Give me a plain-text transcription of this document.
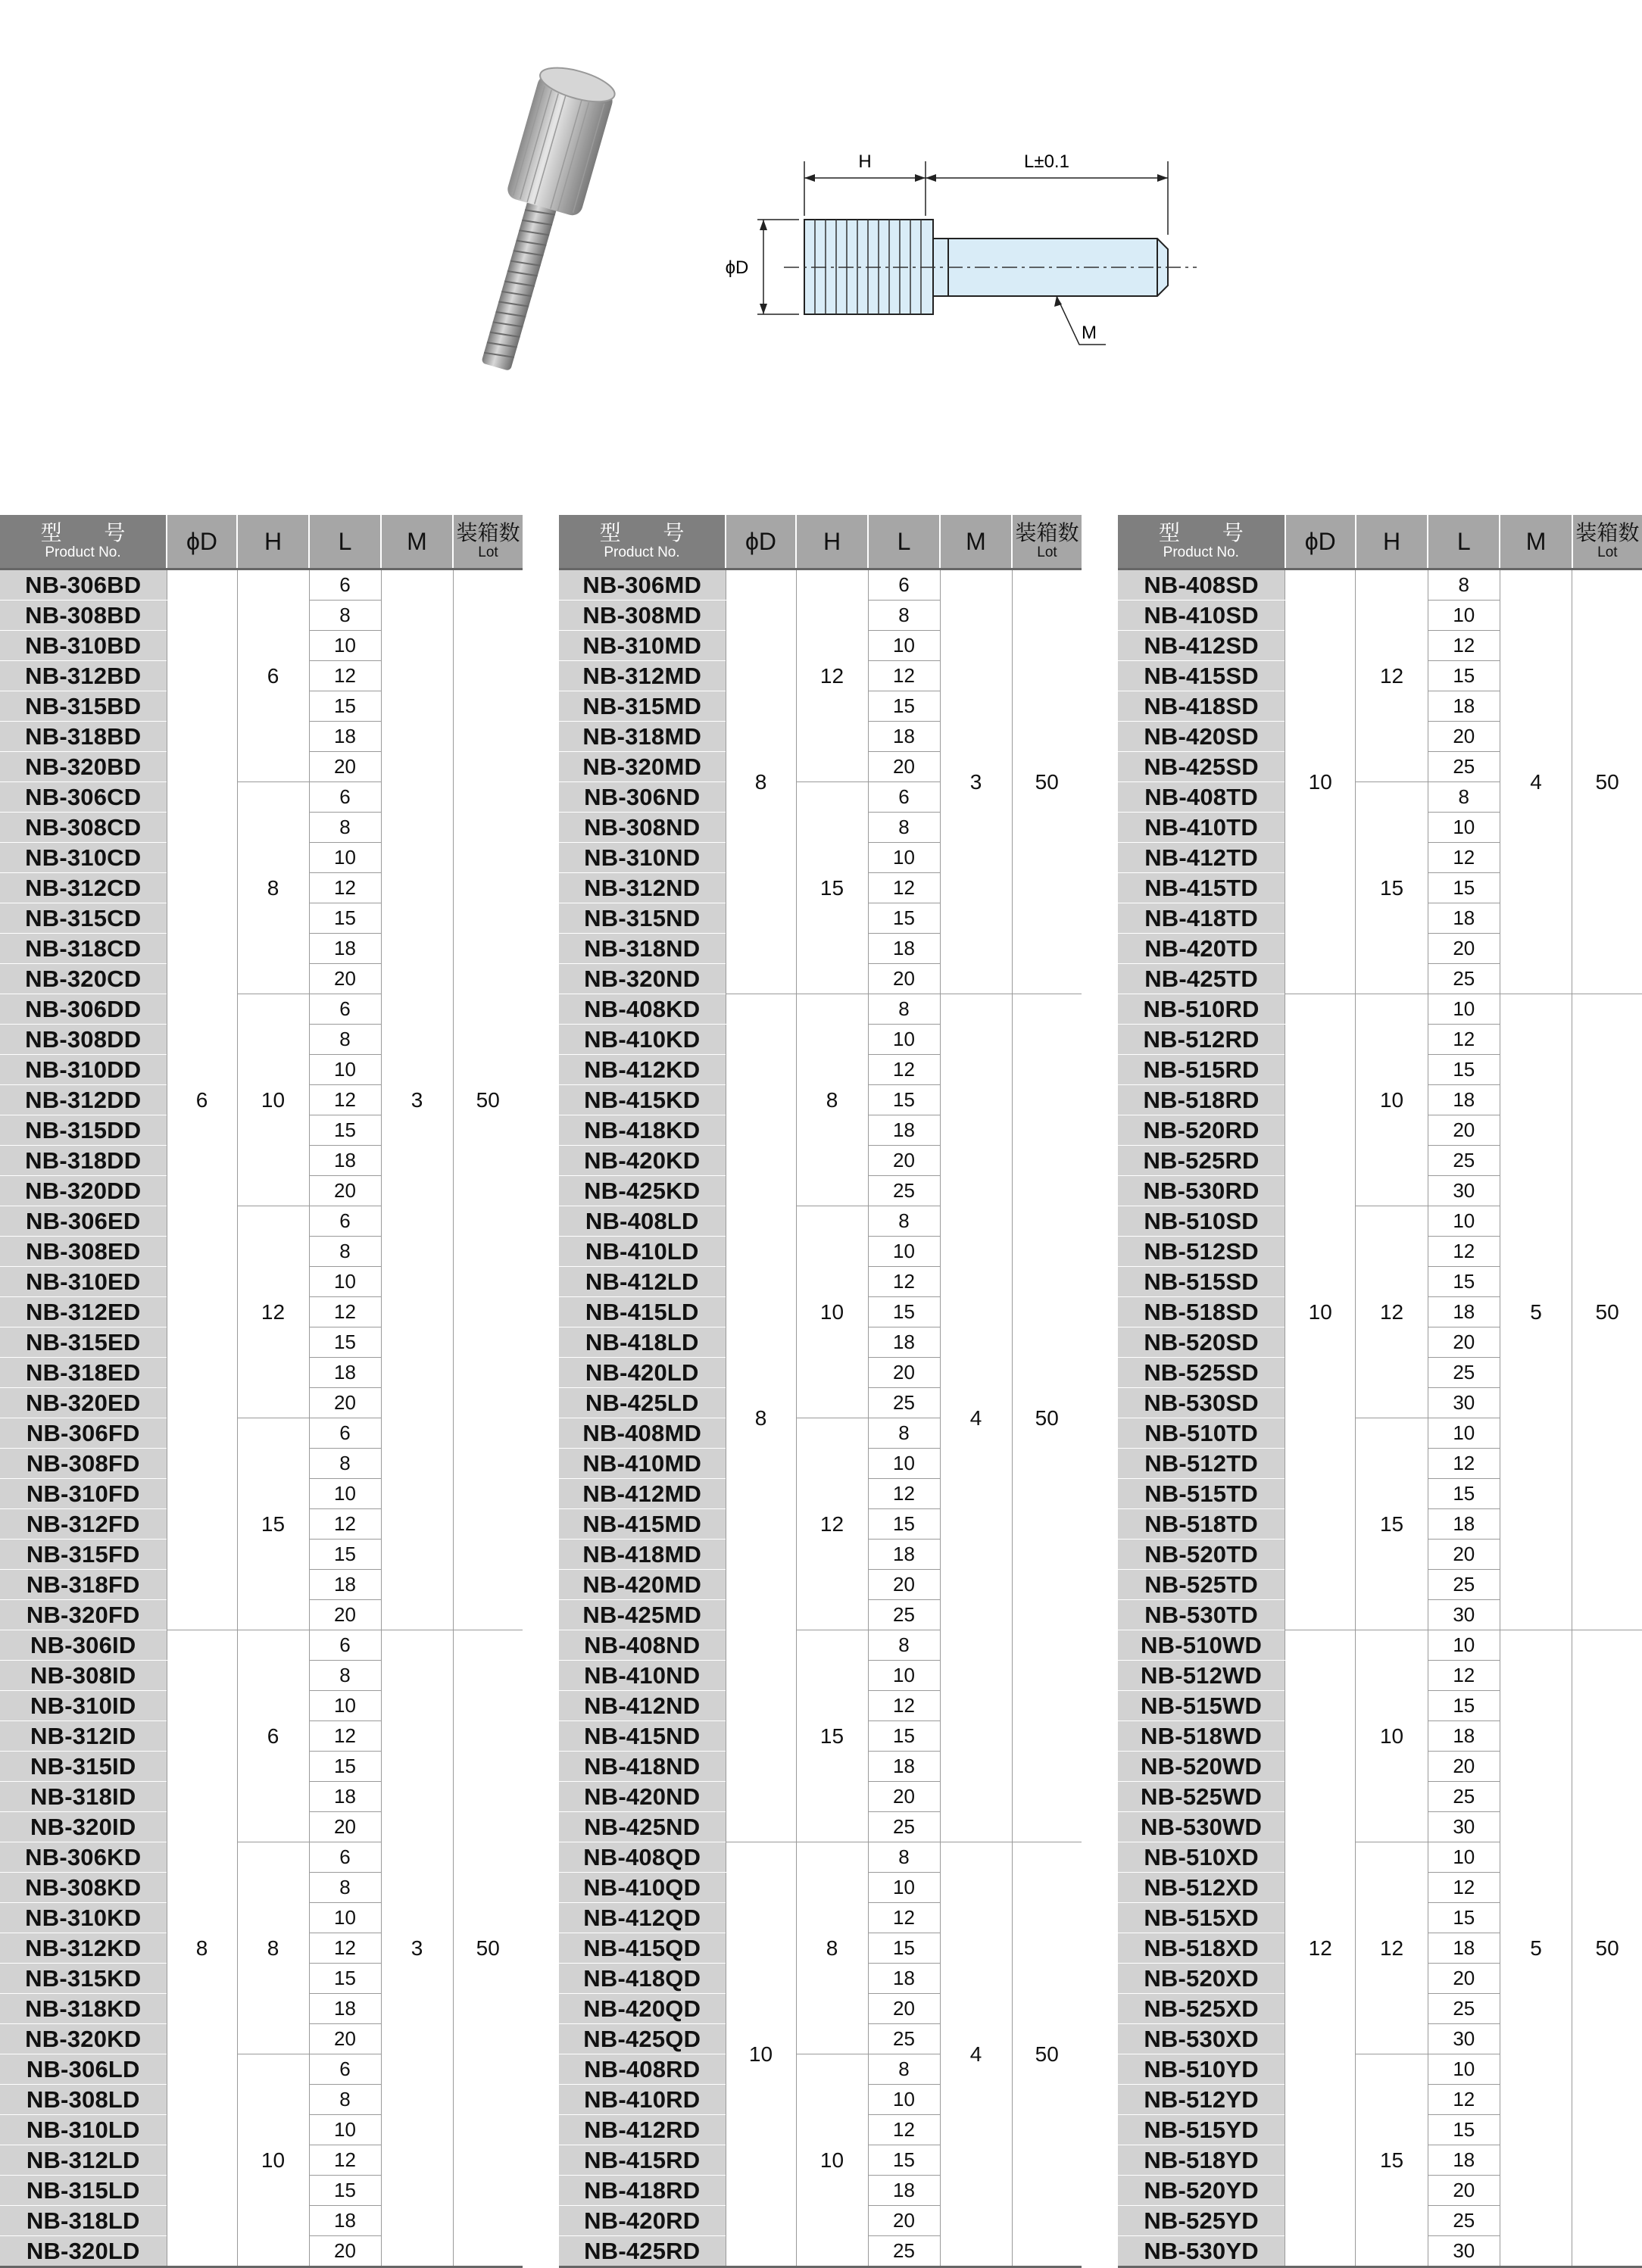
H	L±0.1
ϕD
M
型 号
Product No.	ϕD	H	L	M	装箱数
Lot

NB-306BD	6	6	6	3	50
NB-308BD			8		
NB-310BD			10		
NB-312BD			12		
NB-315BD			15		
NB-318BD			18		
NB-320BD			20		
NB-306CD		8	6		
NB-308CD			8		
NB-310CD			10		
NB-312CD			12		
NB-315CD			15		
NB-318CD			18		
NB-320CD			20		
NB-306DD		10	6		
NB-308DD			8		
NB-310DD			10		
NB-312DD			12		
NB-315DD			15		
NB-318DD			18		
NB-320DD			20		
NB-306ED		12	6		
NB-308ED			8		
NB-310ED			10		
NB-312ED			12		
NB-315ED			15		
NB-318ED			18		
NB-320ED			20		
NB-306FD		15	6		
NB-308FD			8		
NB-310FD			10		
NB-312FD			12		
NB-315FD			15		
NB-318FD			18		
NB-320FD			20		
NB-306ID	8	6	6	3	50
NB-308ID			8		
NB-310ID			10		
NB-312ID			12		
NB-315ID			15		
NB-318ID			18		
NB-320ID			20		
NB-306KD		8	6		
NB-308KD			8		
NB-310KD			10		
NB-312KD			12		
NB-315KD			15		
NB-318KD			18		
NB-320KD			20		
NB-306LD		10	6		
NB-308LD			8		
NB-310LD			10		
NB-312LD			12		
NB-315LD			15		
NB-318LD			18		
NB-320LD			20		
型 号
Product No.	ϕD	H	L	M	装箱数
Lot

NB-306MD	8	12	6	3	50
NB-308MD			8		
NB-310MD			10		
NB-312MD			12		
NB-315MD			15		
NB-318MD			18		
NB-320MD			20		
NB-306ND		15	6		
NB-308ND			8		
NB-310ND			10		
NB-312ND			12		
NB-315ND			15		
NB-318ND			18		
NB-320ND			20		
NB-408KD	8	8	8	4	50
NB-410KD			10		
NB-412KD			12		
NB-415KD			15		
NB-418KD			18		
NB-420KD			20		
NB-425KD			25		
NB-408LD		10	8		
NB-410LD			10		
NB-412LD			12		
NB-415LD			15		
NB-418LD			18		
NB-420LD			20		
NB-425LD			25		
NB-408MD		12	8		
NB-410MD			10		
NB-412MD			12		
NB-415MD			15		
NB-418MD			18		
NB-420MD			20		
NB-425MD			25		
NB-408ND		15	8		
NB-410ND			10		
NB-412ND			12		
NB-415ND			15		
NB-418ND			18		
NB-420ND			20		
NB-425ND			25		
NB-408QD	10	8	8	4	50
NB-410QD			10		
NB-412QD			12		
NB-415QD			15		
NB-418QD			18		
NB-420QD			20		
NB-425QD			25		
NB-408RD		10	8		
NB-410RD			10		
NB-412RD			12		
NB-415RD			15		
NB-418RD			18		
NB-420RD			20		
NB-425RD			25		
型 号
Product No.	ϕD	H	L	M	装箱数
Lot

NB-408SD	10	12	8	4	50
NB-410SD			10		
NB-412SD			12		
NB-415SD			15		
NB-418SD			18		
NB-420SD			20		
NB-425SD			25		
NB-408TD		15	8		
NB-410TD			10		
NB-412TD			12		
NB-415TD			15		
NB-418TD			18		
NB-420TD			20		
NB-425TD			25		
NB-510RD	10	10	10	5	50
NB-512RD			12		
NB-515RD			15		
NB-518RD			18		
NB-520RD			20		
NB-525RD			25		
NB-530RD			30		
NB-510SD		12	10		
NB-512SD			12		
NB-515SD			15		
NB-518SD			18		
NB-520SD			20		
NB-525SD			25		
NB-530SD			30		
NB-510TD		15	10		
NB-512TD			12		
NB-515TD			15		
NB-518TD			18		
NB-520TD			20		
NB-525TD			25		
NB-530TD			30		
NB-510WD	12	10	10	5	50
NB-512WD			12		
NB-515WD			15		
NB-518WD			18		
NB-520WD			20		
NB-525WD			25		
NB-530WD			30		
NB-510XD		12	10		
NB-512XD			12		
NB-515XD			15		
NB-518XD			18		
NB-520XD			20		
NB-525XD			25		
NB-530XD			30		
NB-510YD		15	10		
NB-512YD			12		
NB-515YD			15		
NB-518YD			18		
NB-520YD			20		
NB-525YD			25		
NB-530YD			30		
